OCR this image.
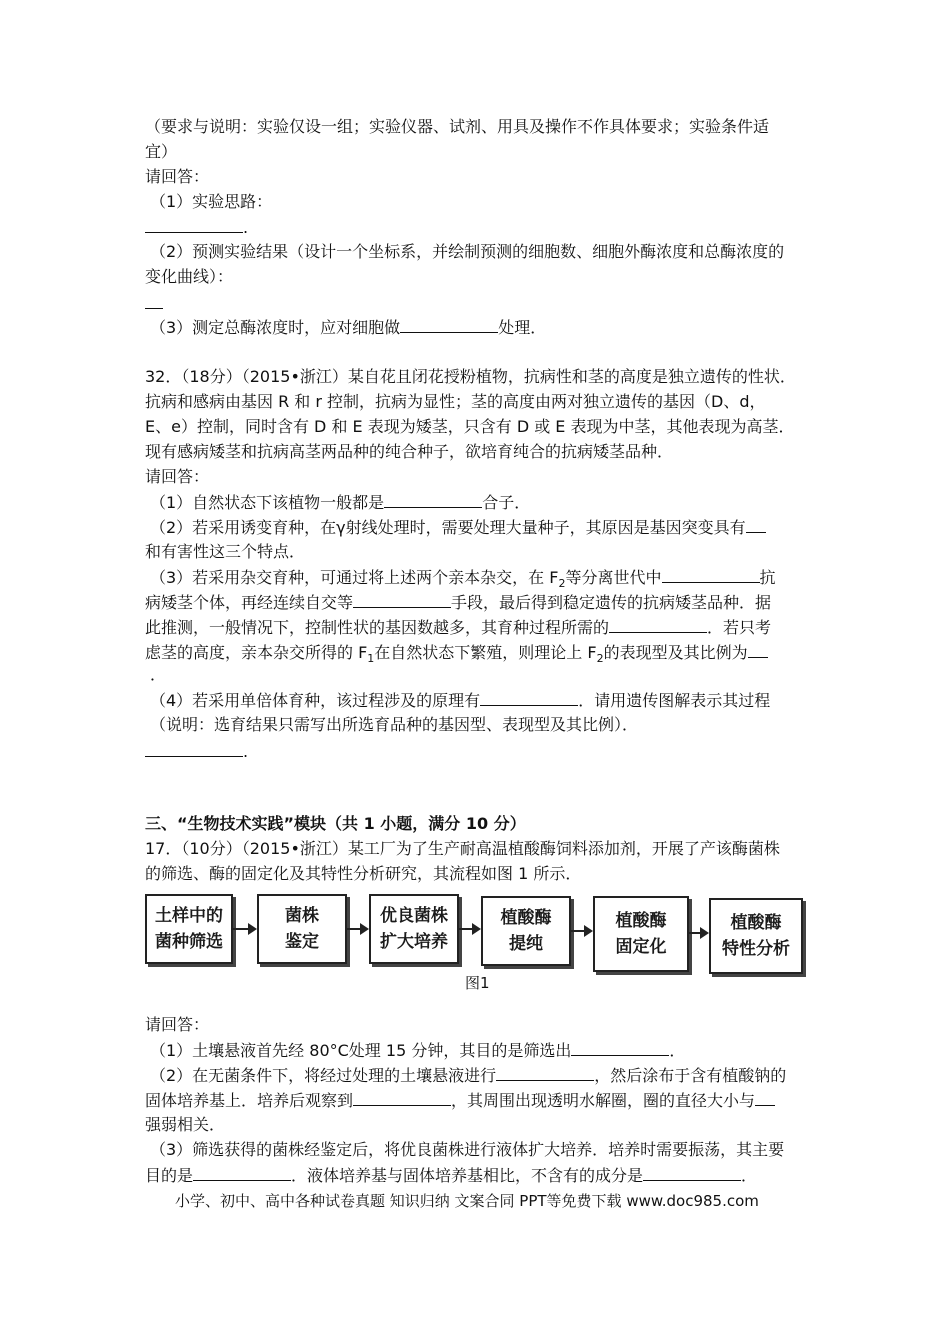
（要求与说明：实验仅设一组；实验仪器、试剂、用具及操作不作具体要求；实验条件适
宜）
请回答：
（1）实验思路：
.
（2）预测实验结果（设计一个坐标系，并绘制预测的细胞数、细胞外酶浓度和总酶浓度的
变化曲线）：
（3）测定总酶浓度时，应对细胞做	处理．
32．（18分）（2015•浙江）某自花且闭花授粉植物，抗病性和茎的高度是独立遗传的性状．
抗病和感病由基因 R 和 r 控制，抗病为显性；茎的高度由两对独立遗传的基因（D、d，
E、e）控制，同时含有 D 和 E 表现为矮茎，只含有 D 或 E 表现为中茎，其他表现为高茎．
现有感病矮茎和抗病高茎两品种的纯合种子，欲培育纯合的抗病矮茎品种．
请回答：
（1）自然状态下该植物一般都是	合子．
（2）若采用诱变育种，在γ射线处理时，需要处理大量种子，其原因是基因突变具有
和有害性这三个特点．
（3）若采用杂交育种，可通过将上述两个亲本杂交，在 $F_2$等分离世代中	抗
病矮茎个体，再经连续自交等	手段，最后得到稳定遗传的抗病矮茎品种．据
此推测，一般情况下，控制性状的基因数越多，其育种过程所需的	．若只考
虑茎的高度，亲本杂交所得的 $F_1$在自然状态下繁殖，则理论上 $F_2$的表现型及其比例为
．
（4）若采用单倍体育种，该过程涉及的原理有	．请用遗传图解表示其过程
（说明：选育结果只需写出所选育品种的基因型、表现型及其比例）．
.
三、“生物技术实践”模块（共 1 小题，满分 10 分）
17．（10分）（2015•浙江）某工厂为了生产耐高温植酸酶饲料添加剂，开展了产该酶菌株
的筛选、酶的固定化及其特性分析研究，其流程如图 1 所示．
土样中的
菌种筛选
菌株
鉴定
优良菌株
扩大培养
植酸酶
提纯
植酸酶
固定化
植酸酶
特性分析
图1
请回答：
（1）土壤悬液首先经 80°C处理 15 分钟，其目的是筛选出	．
（2）在无菌条件下，将经过处理的土壤悬液进行	，然后涂布于含有植酸钠的
固体培养基上．培养后观察到	，其周围出现透明水解圈，圈的直径大小与
强弱相关．
（3）筛选获得的菌株经鉴定后，将优良菌株进行液体扩大培养．培养时需要振荡，其主要
目的是	．液体培养基与固体培养基相比，不含有的成分是	．
小学、初中、高中各种试卷真题 知识归纳 文案合同 PPT等免费下载 www.doc985.com
